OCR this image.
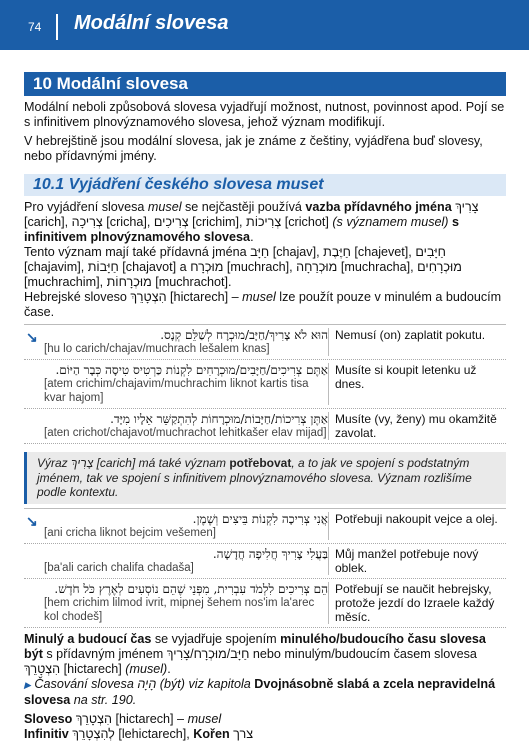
74 Modální slovesa
10 Modální slovesa

Modální neboli způsobová slovesa vyjadřují možnost, nutnost, povinnost apod. Pojí se s infinitivem plnovýznamového slovesa, jehož význam modifikují.

V hebrejštině jsou modální slovesa, jak je známe z češtiny, vyjádřena buď slovesy, nebo přídavnými jmény.

10.1 Vyjádření českého slovesa muset

Pro vyjádření slovesa musel se nejčastěji používá vazba přídavného jména צָרִיךְ [carich], צְרִיכָה [cricha], צְרִיכִים [crichim], צְרִיכוֹת [crichot] (s významem musel) s infinitivem plnovýznamového slovesa.

Tento význam mají také přídavná jména חַיָּב [chajav], חַיֶּבֶת [chajevet], חַיָּבִים [chajavim], חַיָּבוֹת [chajavot] a מוּכְרָח [muchrach], מוּכְרַחָה [muchracha], מוּכְרָחִים [muchrachim], מוּכְרָחוֹת [muchrachot].

Hebrejské sloveso הִצְטָרֵךְ [hictarech] – musel lze použít pouze v minulém a budoucím čase.

↘	הוּא לֹא צָרִיךְ/חַיָּב/מוּכְרָח לְשַׁלֵּם קְנָס.
[hu lo carich/chajav/muchrach lešalem knas]
Nemusí (on) zaplatit pokutu.
אַתֶּם צְרִיכִים/חַיָּבִים/מוּכְרָחִים לִקְנוֹת כַּרְטִיס טִיסָה כְּבָר הַיּוֹם.
[atem crichim/chajavim/muchrachim liknot kartis tisa kvar hajom]
Musíte si koupit letenku už dnes.
אַתֶּן צְרִיכוֹת/חַיָּבוֹת/מוּכְרָחוֹת לְהִתְקַשֵּׁר אֵלָיו מִיָּד.
[aten crichot/chajavot/muchrachot lehitkašer elav mijad]
Musíte (vy, ženy) mu okamžitě zavolat.
Výraz צָרִיךְ [carich] má také význam potřebovat, a to jak ve spojení s podstatným jménem, tak ve spojení s infinitivem plnovýznamového slovesa. Význam rozlišíme podle kontextu.
↘	אֲנִי צְרִיכָה לִקְנוֹת בֵּיצִים וְשֶׁמֶן.
[ani cricha liknot bejcim vešemen]
Potřebuji nakoupit vejce a olej.
בַּעֲלִי צָרִיךְ חֲלִיפָה חֲדָשָׁה.
[ba'ali carich chalifa chadaša]
Můj manžel potřebuje nový oblek.
הֵם צְרִיכִים לִלְמֹד עִבְרִית, מִפְּנֵי שֶׁהֵם נוֹסְעִים לְאֶרֶץ כֹּל חֹדֶשׁ.
[hem crichim lilmod ivrit, mipnej šehem nos'im la'arec kol chodeš]
Potřebují se naučit hebrejsky, protože jezdí do Izraele každý měsíc.

Minulý a budoucí čas se vyjadřuje spojením minulého/budoucího času slovesa být s přídavným jménem חַיָּב/מוּכְרָח/צָרִיךְ nebo minulým/budoucím časem slovesa הִצְטָרֵךְ [hictarech] (musel).

▶ Časování slovesa הָיָה (být) viz kapitola Dvojnásobně slabá a zcela nepravidelná slovesa na str. 190.

Sloveso הִצְטָרֵךְ [hictarech] – musel

Infinitiv לְהִצְטָרֵךְ [lehictarech], Kořen צרך
